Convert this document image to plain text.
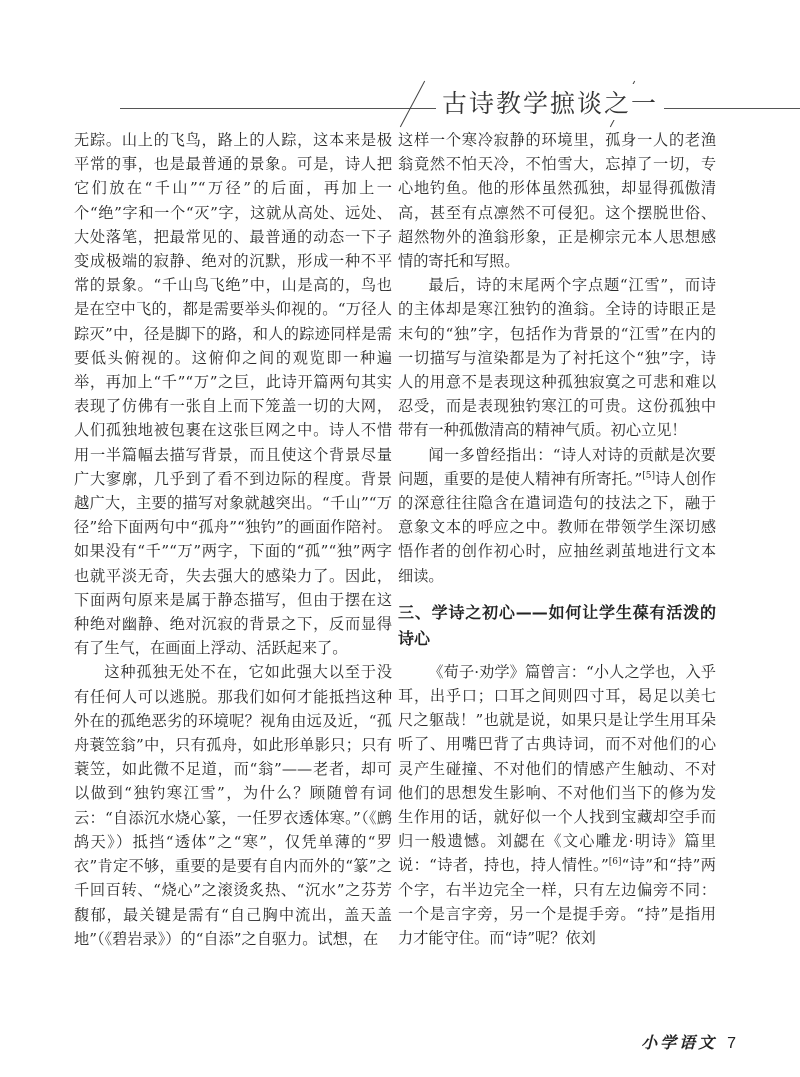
古诗教学摭谈之一

无踪。山上的飞鸟，路上的人踪，这本来是极平常的事，也是最普通的景象。可是，诗人把它们放在“千山”“万径”的后面，再加上一个“绝”字和一个“灭”字，这就从高处、远处、大处落笔，把最常见的、最普通的动态一下子变成极端的寂静、绝对的沉默，形成一种不平常的景象。“千山鸟飞绝”中，山是高的，鸟也是在空中飞的，都是需要举头仰视的。“万径人踪灭”中，径是脚下的路，和人的踪迹同样是需要低头俯视的。这俯仰之间的观览即一种遍举，再加上“千”“万”之巨，此诗开篇两句其实表现了仿佛有一张自上而下笼盖一切的大网，人们孤独地被包裹在这张巨网之中。诗人不惜用一半篇幅去描写背景，而且使这个背景尽量广大寥廓，几乎到了看不到边际的程度。背景越广大，主要的描写对象就越突出。“千山”“万径”给下面两句中“孤舟”“独钓”的画面作陪衬。如果没有“千”“万”两字，下面的“孤”“独”两字也就平淡无奇，失去强大的感染力了。因此，下面两句原来是属于静态描写，但由于摆在这种绝对幽静、绝对沉寂的背景之下，反而显得有了生气，在画面上浮动、活跃起来了。

这种孤独无处不在，它如此强大以至于没有任何人可以逃脱。那我们如何才能抵挡这种外在的孤绝恶劣的环境呢？视角由远及近，“孤舟蓑笠翁”中，只有孤舟，如此形单影只；只有蓑笠，如此微不足道，而“翁”——老者，却可以做到“独钓寒江雪”，为什么？顾随曾有词云：“自添沉水烧心篆，一任罗衣透体寒。”（《鹧鸪天》）抵挡“透体”之“寒”，仅凭单薄的“罗衣”肯定不够，重要的是要有自内而外的“篆”之千回百转、“烧心”之滚烫炙热、“沉水”之芬芳馥郁，最关键是需有“自己胸中流出，盖天盖地”（《碧岩录》）的“自添”之自驱力。试想，在

这样一个寒冷寂静的环境里，孤身一人的老渔翁竟然不怕天冷，不怕雪大，忘掉了一切，专心地钓鱼。他的形体虽然孤独，却显得孤傲清高，甚至有点凛然不可侵犯。这个摆脱世俗、超然物外的渔翁形象，正是柳宗元本人思想感情的寄托和写照。

最后，诗的末尾两个字点题“江雪”，而诗的主体却是寒江独钓的渔翁。全诗的诗眼正是末句的“独”字，包括作为背景的“江雪”在内的一切描写与渲染都是为了衬托这个“独”字，诗人的用意不是表现这种孤独寂寞之可悲和难以忍受，而是表现独钓寒江的可贵。这份孤独中带有一种孤傲清高的精神气质。初心立见！

闻一多曾经指出：“诗人对诗的贡献是次要问题，重要的是使人精神有所寄托。”[5]诗人创作的深意往往隐含在遣词造句的技法之下，融于意象文本的呼应之中。教师在带领学生深切感悟作者的创作初心时，应抽丝剥茧地进行文本细读。

三、学诗之初心——如何让学生葆有活泼的诗心

《荀子·劝学》篇曾言：“小人之学也，入乎耳，出乎口；口耳之间则四寸耳，曷足以美七尺之躯哉！”也就是说，如果只是让学生用耳朵听了、用嘴巴背了古典诗词，而不对他们的心灵产生碰撞、不对他们的情感产生触动、不对他们的思想发生影响、不对他们当下的修为发生作用的话，就好似一个人找到宝藏却空手而归一般遗憾。刘勰在《文心雕龙·明诗》篇里说：“诗者，持也，持人情性。”[6]“诗”和“持”两个字，右半边完全一样，只有左边偏旁不同：一个是言字旁，另一个是提手旁。“持”是指用力才能守住。而“诗”呢？依刘

小学语文 7
